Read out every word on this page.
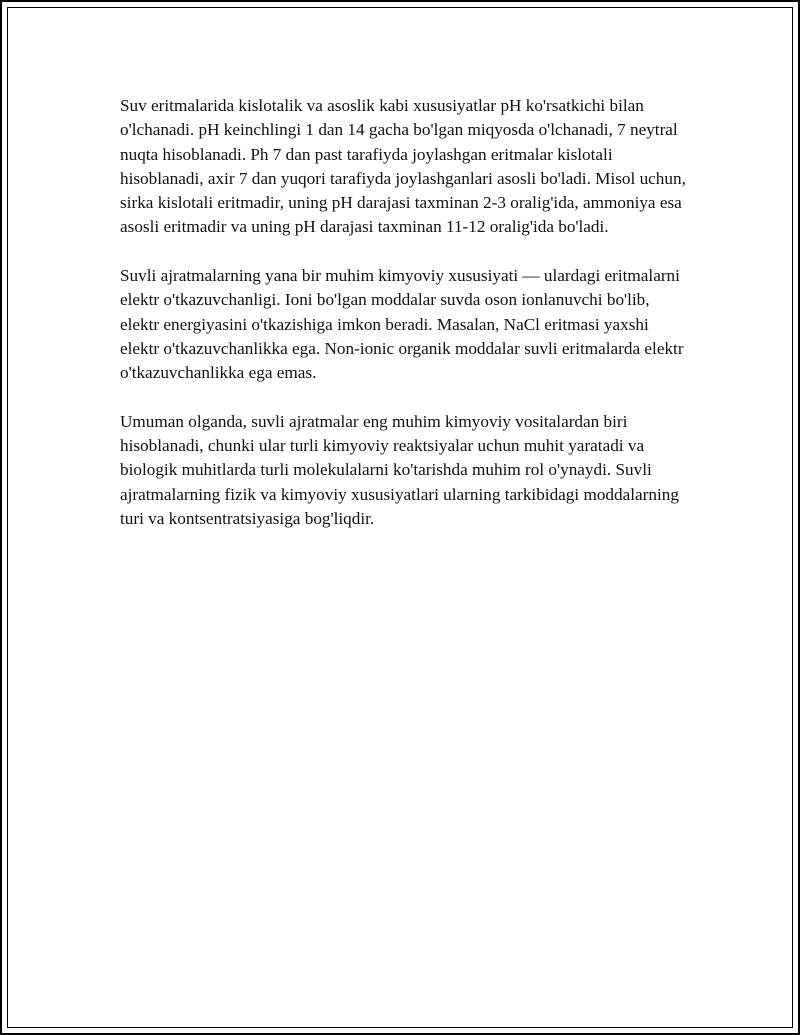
Suv eritmalarida kislotalik va asoslik kabi xususiyatlar pH ko'rsatkichi bilan o'lchanadi. pH keinchlingi 1 dan 14 gacha bo'lgan miqyosda o'lchanadi, 7 neytral nuqta hisoblanadi. Ph 7 dan past tarafiyda joylashgan eritmalar kislotali hisoblanadi, axir 7 dan yuqori tarafiyda joylashganlari asosli bo'ladi. Misol uchun, sirka kislotali eritmadir, uning pH darajasi taxminan 2-3 oralig'ida, ammoniya esa asosli eritmadir va uning pH darajasi taxminan 11-12 oralig'ida bo'ladi.

Suvli ajratmalarning yana bir muhim kimyoviy xususiyati — ulardagi eritmalarni elektr o'tkazuvchanligi. Ioni bo'lgan moddalar suvda oson ionlanuvchi bo'lib, elektr energiyasini o'tkazishiga imkon beradi. Masalan, NaCl eritmasi yaxshi elektr o'tkazuvchanlikka ega. Non-ionic organik moddalar suvli eritmalarda elektr o'tkazuvchanlikka ega emas.

Umuman olganda, suvli ajratmalar eng muhim kimyoviy vositalardan biri hisoblanadi, chunki ular turli kimyoviy reaktsiyalar uchun muhit yaratadi va biologik muhitlarda turli molekulalarni ko'tarishda muhim rol o'ynaydi. Suvli ajratmalarning fizik va kimyoviy xususiyatlari ularning tarkibidagi moddalarning turi va kontsentratsiyasiga bog'liqdir.
